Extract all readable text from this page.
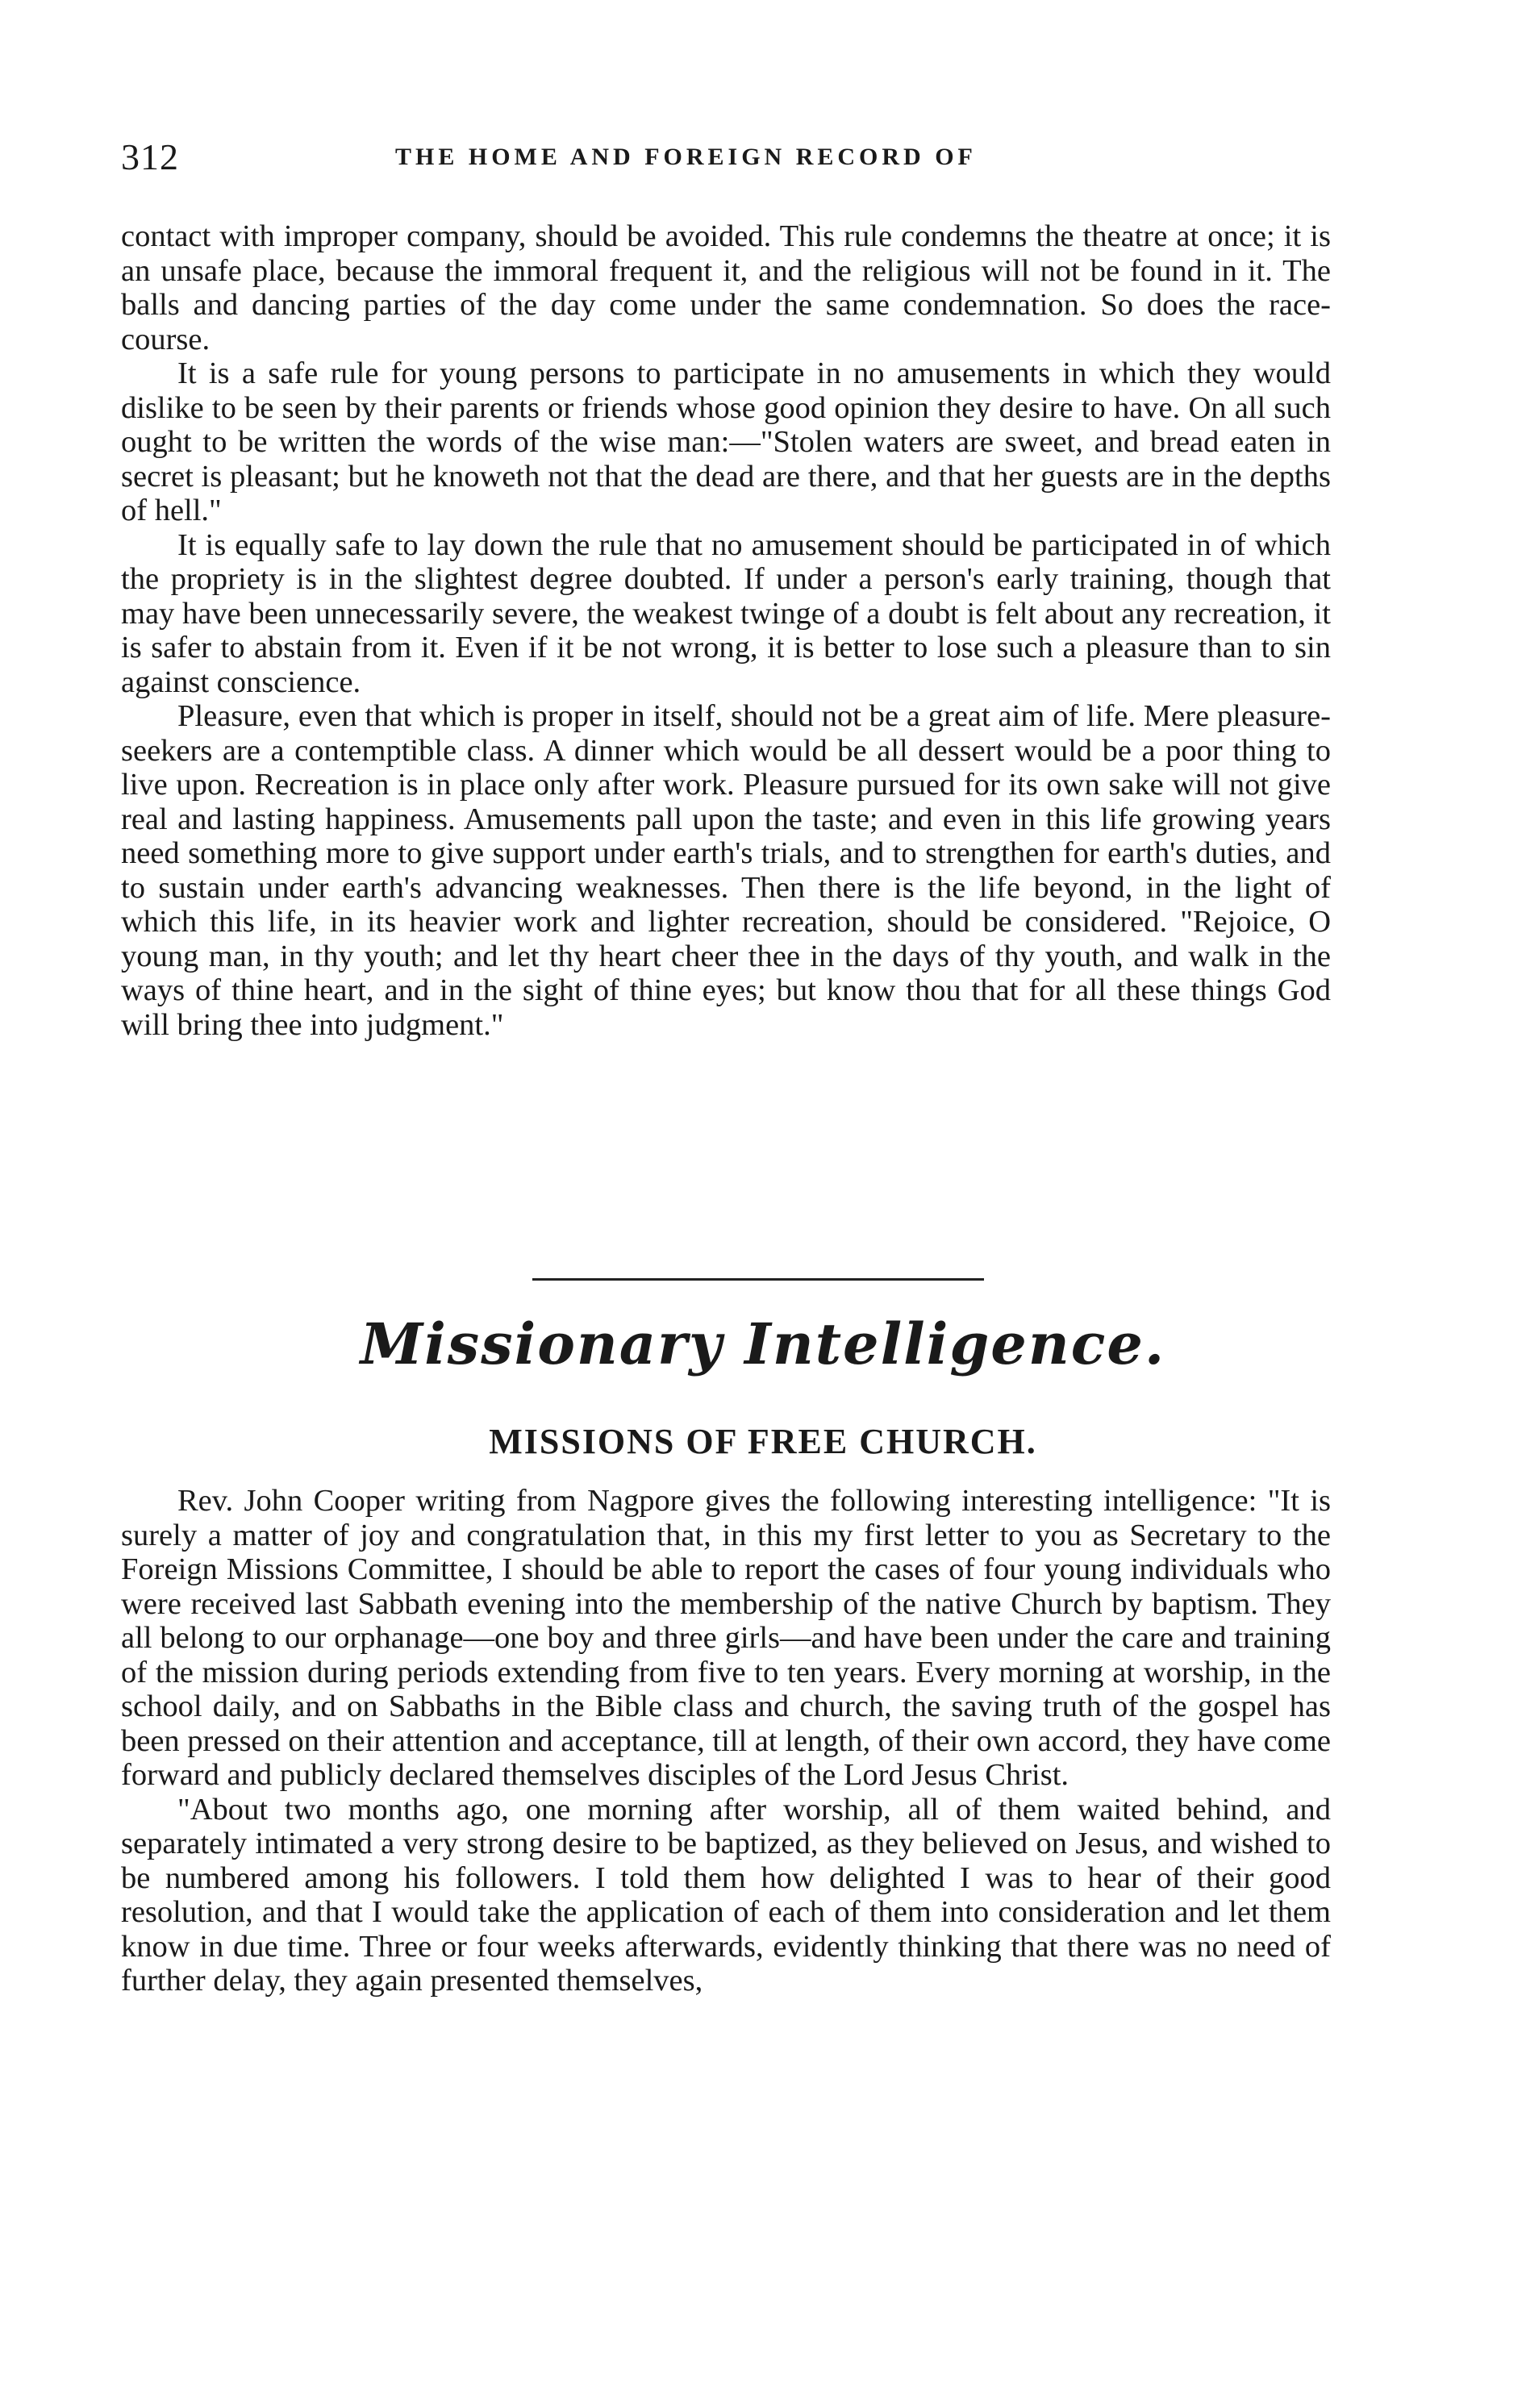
312	THE HOME AND FOREIGN RECORD OF

contact with improper company, should be avoided. This rule condemns the theatre at once; it is an unsafe place, because the immoral frequent it, and the religious will not be found in it. The balls and dancing parties of the day come under the same condemnation. So does the race-course.

It is a safe rule for young persons to participate in no amusements in which they would dislike to be seen by their parents or friends whose good opinion they desire to have. On all such ought to be written the words of the wise man:—"Stolen waters are sweet, and bread eaten in secret is pleasant; but he knoweth not that the dead are there, and that her guests are in the depths of hell."

It is equally safe to lay down the rule that no amusement should be participated in of which the propriety is in the slightest degree doubted. If under a person's early training, though that may have been unnecessarily severe, the weakest twinge of a doubt is felt about any recreation, it is safer to abstain from it. Even if it be not wrong, it is better to lose such a pleasure than to sin against conscience.

Pleasure, even that which is proper in itself, should not be a great aim of life. Mere pleasure-seekers are a contemptible class. A dinner which would be all dessert would be a poor thing to live upon. Recreation is in place only after work. Pleasure pursued for its own sake will not give real and lasting happiness. Amusements pall upon the taste; and even in this life growing years need something more to give support under earth's trials, and to strengthen for earth's duties, and to sustain under earth's advancing weaknesses. Then there is the life beyond, in the light of which this life, in its heavier work and lighter recreation, should be considered. "Rejoice, O young man, in thy youth; and let thy heart cheer thee in the days of thy youth, and walk in the ways of thine heart, and in the sight of thine eyes; but know thou that for all these things God will bring thee into judgment."

Missionary Intelligence.
MISSIONS OF FREE CHURCH.

Rev. John Cooper writing from Nagpore gives the following interesting intelligence: "It is surely a matter of joy and congratulation that, in this my first letter to you as Secretary to the Foreign Missions Committee, I should be able to report the cases of four young individuals who were received last Sabbath evening into the membership of the native Church by baptism. They all belong to our orphanage—one boy and three girls—and have been under the care and training of the mission during periods extending from five to ten years. Every morning at worship, in the school daily, and on Sabbaths in the Bible class and church, the saving truth of the gospel has been pressed on their attention and acceptance, till at length, of their own accord, they have come forward and publicly declared themselves disciples of the Lord Jesus Christ.

"About two months ago, one morning after worship, all of them waited behind, and separately intimated a very strong desire to be baptized, as they believed on Jesus, and wished to be numbered among his followers. I told them how delighted I was to hear of their good resolution, and that I would take the application of each of them into consideration and let them know in due time. Three or four weeks afterwards, evidently thinking that there was no need of further delay, they again presented themselves,
